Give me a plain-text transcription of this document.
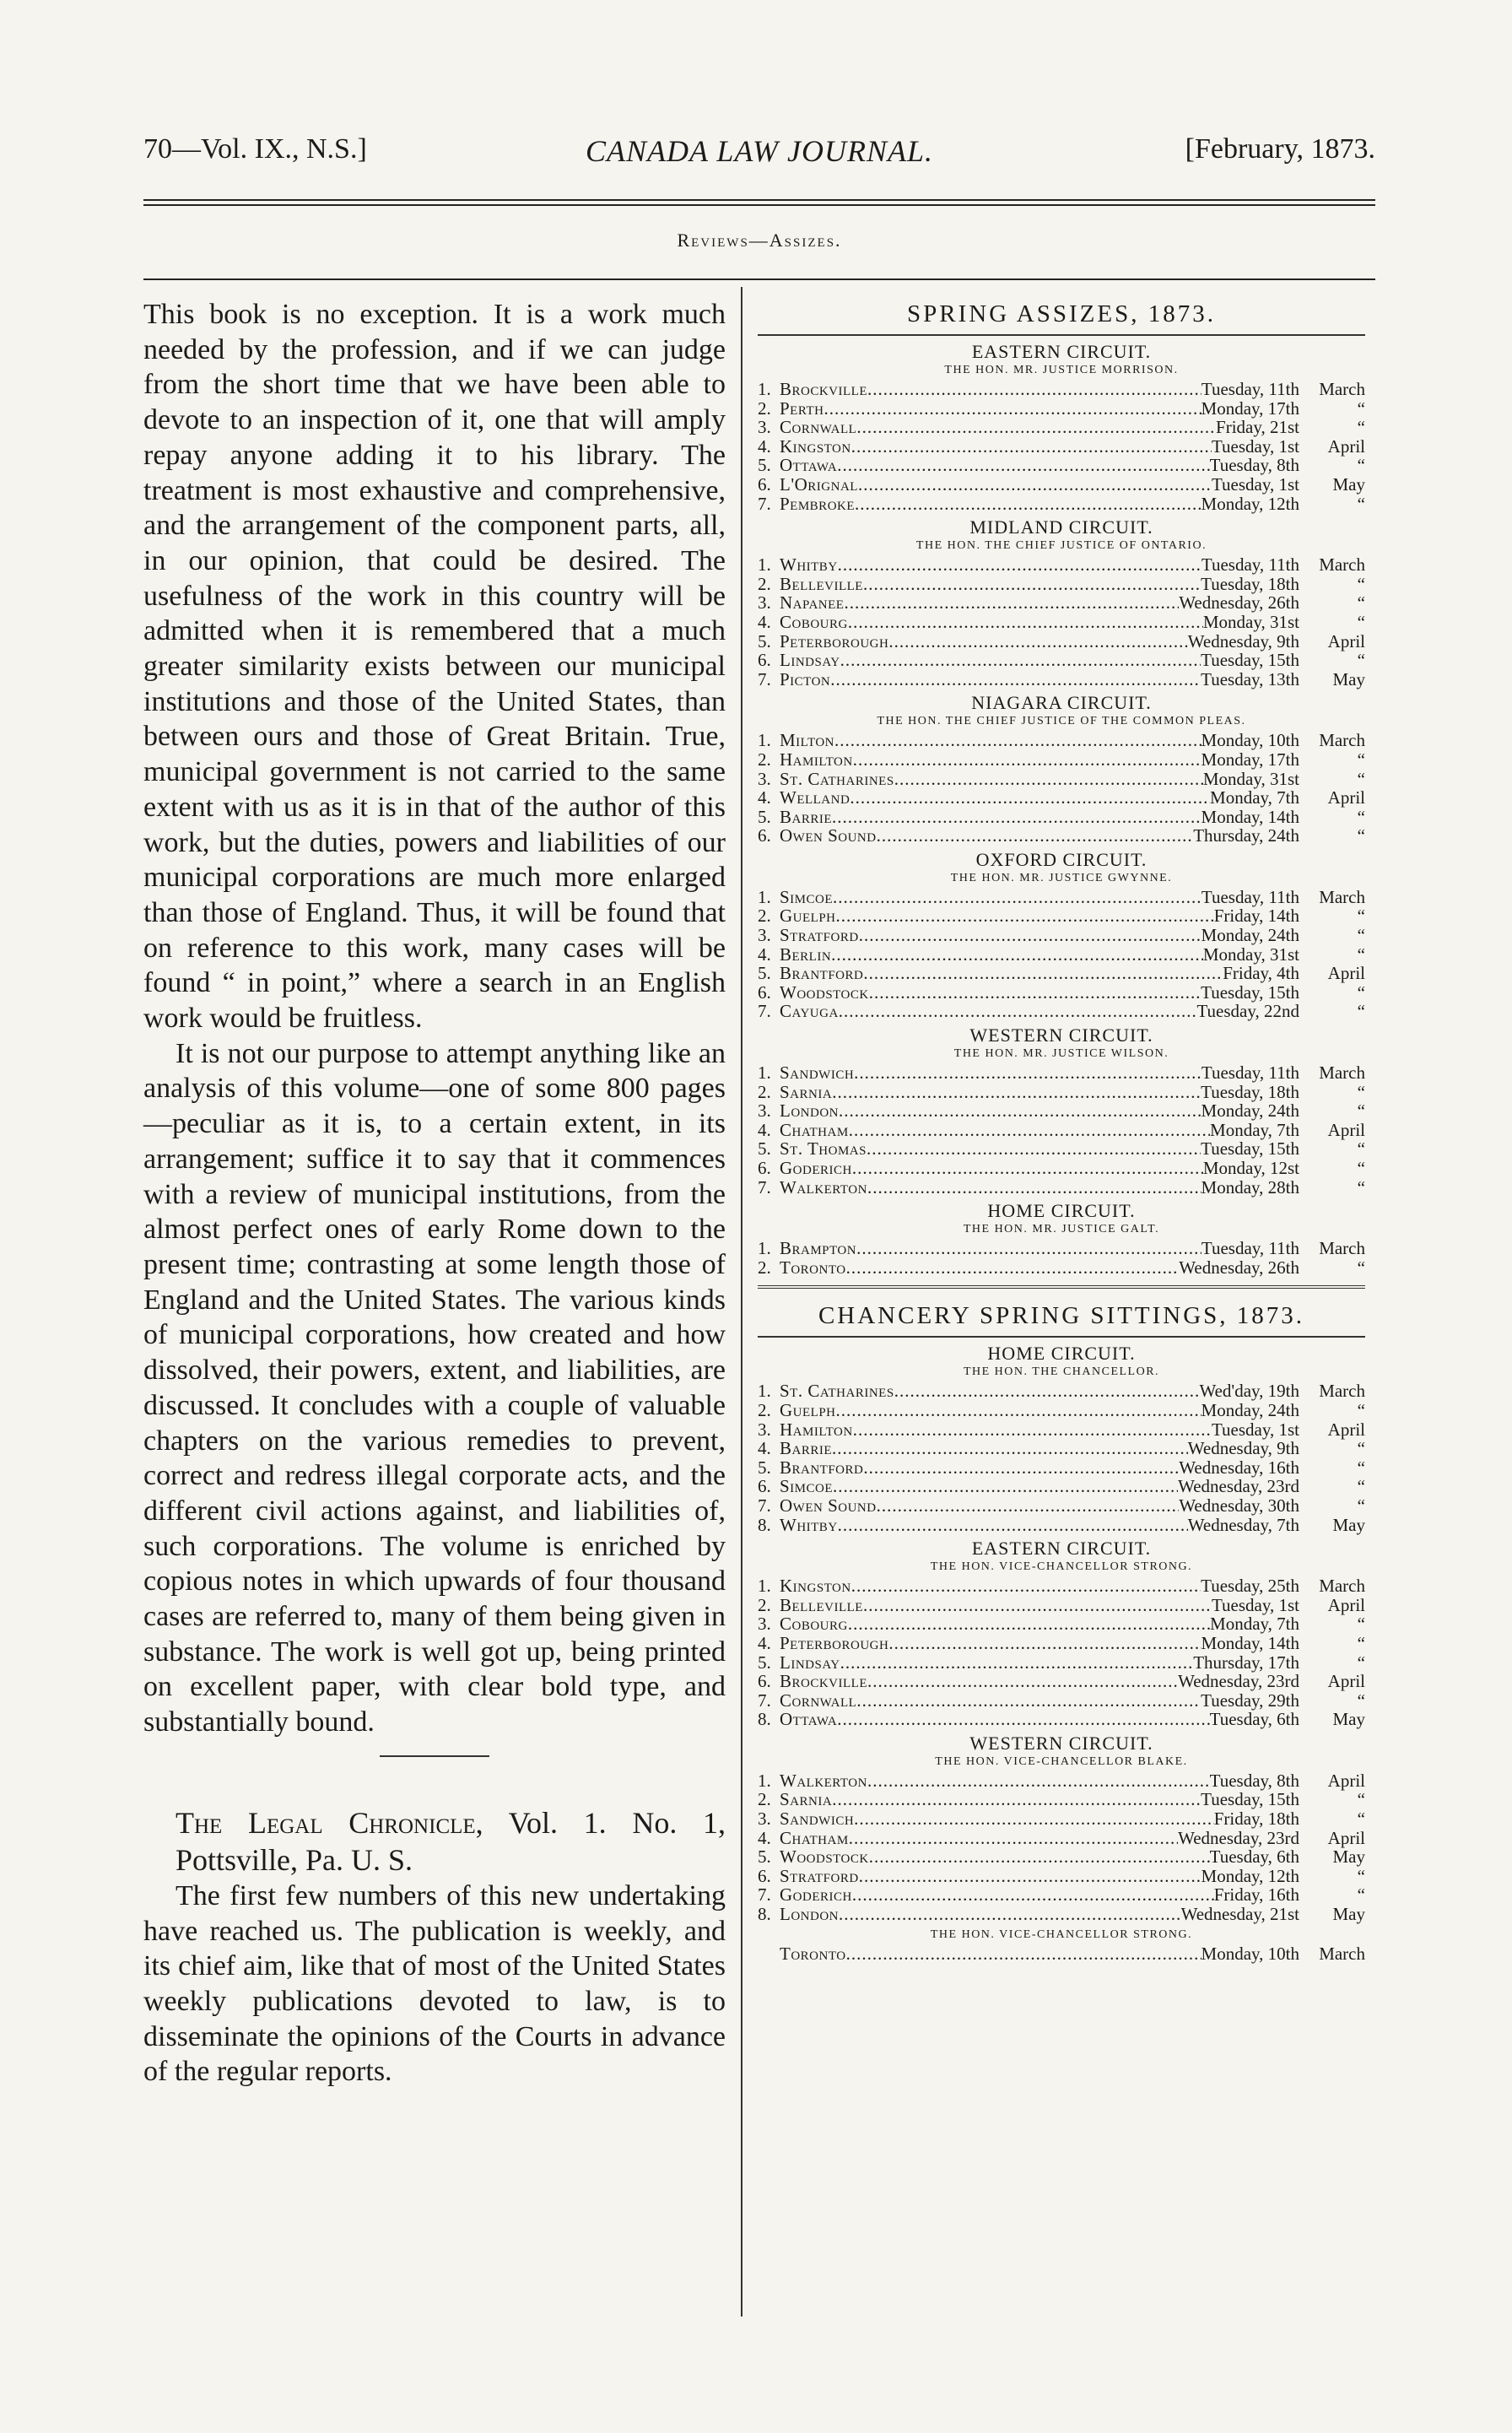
70—Vol. IX., N.S.]	CANADA LAW JOURNAL.	[February, 1873.
Reviews—Assizes.

This book is no exception. It is a work much needed by the profession, and if we can judge from the short time that we have been able to devote to an inspection of it, one that will amply repay anyone adding it to his library. The treatment is most exhaustive and comprehensive, and the arrangement of the component parts, all, in our opinion, that could be desired. The usefulness of the work in this country will be admitted when it is remembered that a much greater similarity exists between our municipal institutions and those of the United States, than between ours and those of Great Britain. True, municipal government is not carried to the same extent with us as it is in that of the author of this work, but the duties, powers and liabilities of our municipal corporations are much more enlarged than those of England. Thus, it will be found that on reference to this work, many cases will be found “ in point,” where a search in an English work would be fruitless.

It is not our purpose to attempt anything like an analysis of this volume—one of some 800 pages—peculiar as it is, to a certain extent, in its arrangement; suffice it to say that it commences with a review of municipal institutions, from the almost perfect ones of early Rome down to the present time; contrasting at some length those of England and the United States. The various kinds of municipal corporations, how created and how dissolved, their powers, extent, and liabilities, are discussed. It concludes with a couple of valuable chapters on the various remedies to prevent, correct and redress illegal corporate acts, and the different civil actions against, and liabilities of, such corporations. The volume is enriched by copious notes in which upwards of four thousand cases are referred to, many of them being given in substance. The work is well got up, being printed on excellent paper, with clear bold type, and substantially bound.

The Legal Chronicle, Vol. 1. No. 1, Pottsville, Pa. U. S.

The first few numbers of this new undertaking have reached us. The publication is weekly, and its chief aim, like that of most of the United States weekly publications devoted to law, is to disseminate the opinions of the Courts in advance of the regular reports.

SPRING ASSIZES, 1873.
EASTERN CIRCUIT.
THE HON. MR. JUSTICE MORRISON.
1. Brockville .....	Tuesday, 11th	March
2. Perth .....	Monday, 17th	“
3. Cornwall .....	Friday, 21st	“
4. Kingston .....	Tuesday, 1st	April
5. Ottawa .....	Tuesday, 8th	“
6. L'Orignal .....	Tuesday, 1st	May
7. Pembroke .....	Monday, 12th	“
MIDLAND CIRCUIT.
THE HON. THE CHIEF JUSTICE OF ONTARIO.
1. Whitby .....	Tuesday, 11th	March
2. Belleville .....	Tuesday, 18th	“
3. Napanee .....	Wednesday, 26th	“
4. Cobourg .....	Monday, 31st	“
5. Peterborough .....	Wednesday, 9th	April
6. Lindsay .....	Tuesday, 15th	“
7. Picton .....	Tuesday, 13th	May
NIAGARA CIRCUIT.
THE HON. THE CHIEF JUSTICE OF THE COMMON PLEAS.
1. Milton .....	Monday, 10th	March
2. Hamilton .....	Monday, 17th	“
3. St. Catharines .....	Monday, 31st	“
4. Welland .....	Monday, 7th	April
5. Barrie .....	Monday, 14th	“
6. Owen Sound .....	Thursday, 24th	“
OXFORD CIRCUIT.
THE HON. MR. JUSTICE GWYNNE.
1. Simcoe .....	Tuesday, 11th	March
2. Guelph .....	Friday, 14th	“
3. Stratford .....	Monday, 24th	“
4. Berlin .....	Monday, 31st	“
5. Brantford .....	Friday, 4th	April
6. Woodstock .....	Tuesday, 15th	“
7. Cayuga .....	Tuesday, 22nd	“
WESTERN CIRCUIT.
THE HON. MR. JUSTICE WILSON.
1. Sandwich .....	Tuesday, 11th	March
2. Sarnia .....	Tuesday, 18th	“
3. London .....	Monday, 24th	“
4. Chatham .....	Monday, 7th	April
5. St. Thomas .....	Tuesday, 15th	“
6. Goderich .....	Monday, 12st	“
7. Walkerton .....	Monday, 28th	“
HOME CIRCUIT.
THE HON. MR. JUSTICE GALT.
1. Brampton .....	Tuesday, 11th	March
2. Toronto .....	Wednesday, 26th	“
CHANCERY SPRING SITTINGS, 1873.
HOME CIRCUIT.
THE HON. THE CHANCELLOR.
1. St. Catharines .....	Wed'day, 19th	March
2. Guelph .....	Monday, 24th	“
3. Hamilton .....	Tuesday, 1st	April
4. Barrie .....	Wednesday, 9th	“
5. Brantford .....	Wednesday, 16th	“
6. Simcoe .....	Wednesday, 23rd	“
7. Owen Sound .....	Wednesday, 30th	“
8. Whitby .....	Wednesday, 7th	May
EASTERN CIRCUIT.
THE HON. VICE-CHANCELLOR STRONG.
1. Kingston .....	Tuesday, 25th	March
2. Belleville .....	Tuesday, 1st	April
3. Cobourg .....	Monday, 7th	“
4. Peterborough .....	Monday, 14th	“
5. Lindsay .....	Thursday, 17th	“
6. Brockville .....	Wednesday, 23rd	April
7. Cornwall .....	Tuesday, 29th	“
8. Ottawa .....	Tuesday, 6th	May
WESTERN CIRCUIT.
THE HON. VICE-CHANCELLOR BLAKE.
1. Walkerton .....	Tuesday, 8th	April
2. Sarnia .....	Tuesday, 15th	“
3. Sandwich .....	Friday, 18th	“
4. Chatham .....	Wednesday, 23rd	April
5. Woodstock .....	Tuesday, 6th	May
6. Stratford .....	Monday, 12th	“
7. Goderich .....	Friday, 16th	“
8. London .....	Wednesday, 21st	May
THE HON. VICE-CHANCELLOR STRONG.
Toronto .....	Monday, 10th	March
